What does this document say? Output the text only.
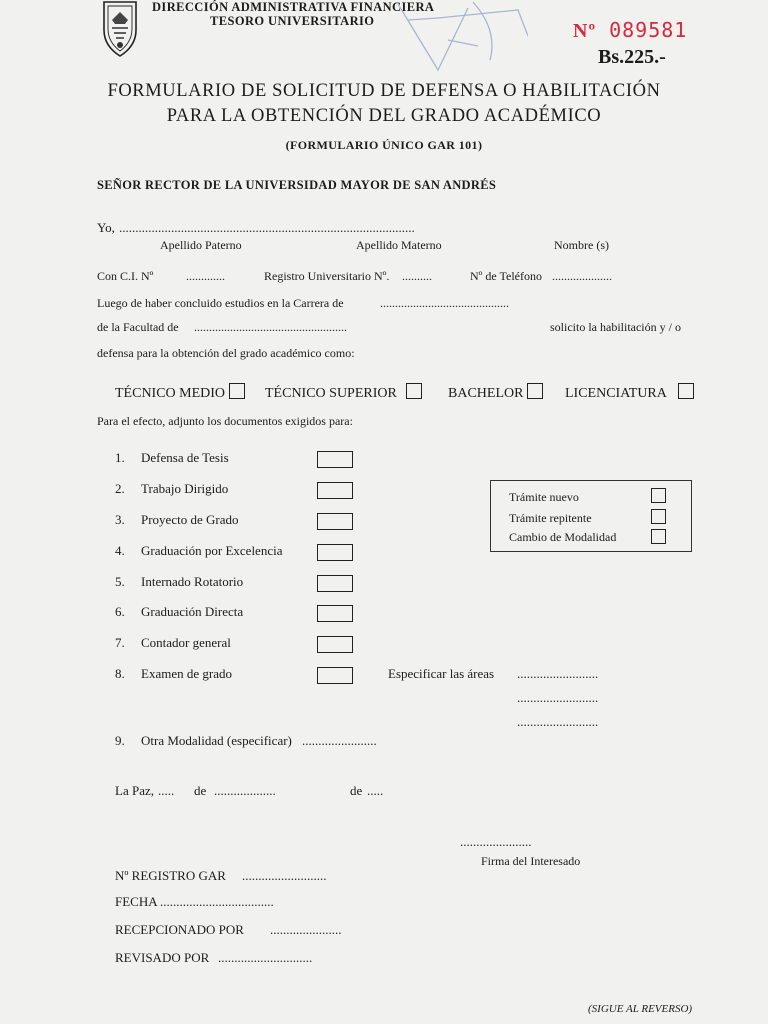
DIRECCIÓN ADMINISTRATIVA FINANCIERA
TESORO UNIVERSITARIO	Nº 089581
Bs.225.-
FORMULARIO DE SOLICITUD DE DEFENSA O HABILITACIÓN
PARA LA OBTENCIÓN DEL GRADO ACADÉMICO
(FORMULARIO ÚNICO GAR 101)
SEÑOR RECTOR DE LA UNIVERSIDAD MAYOR DE SAN ANDRÉS
Yo, ...........................................................................................
Apellido Paterno	Apellido Materno	Nombre (s)
Con C.I. Nº	.............	Registro Universitario Nº. ..........	Nº de Teléfono ....................
Luego de haber concluido estudios en la Carrera de	...........................................
de la Facultad de ...................................................	solicito la habilitación y / o
defensa para la obtención del grado académico como:
TÉCNICO MEDIO	TÉCNICO SUPERIOR	BACHELOR	LICENCIATURA
Para el efecto, adjunto los documentos exigidos para:
1. Defensa de Tesis
2. Trabajo Dirigido
3. Proyecto de Grado
4. Graduación por Excelencia
5. Internado Rotatorio
6. Graduación Directa
7. Contador general
8. Examen de grado
Trámite nuevo
Trámite repitente
Cambio de Modalidad
Especificar las áreas .........................
.........................
.........................
9. Otra Modalidad (especificar) .......................
La Paz, ..... de ...................	de .....
......................
Firma del Interesado
Nº REGISTRO GAR ..........................
FECHA ...................................
RECEPCIONADO POR ......................
REVISADO POR .............................
(SIGUE AL REVERSO)
